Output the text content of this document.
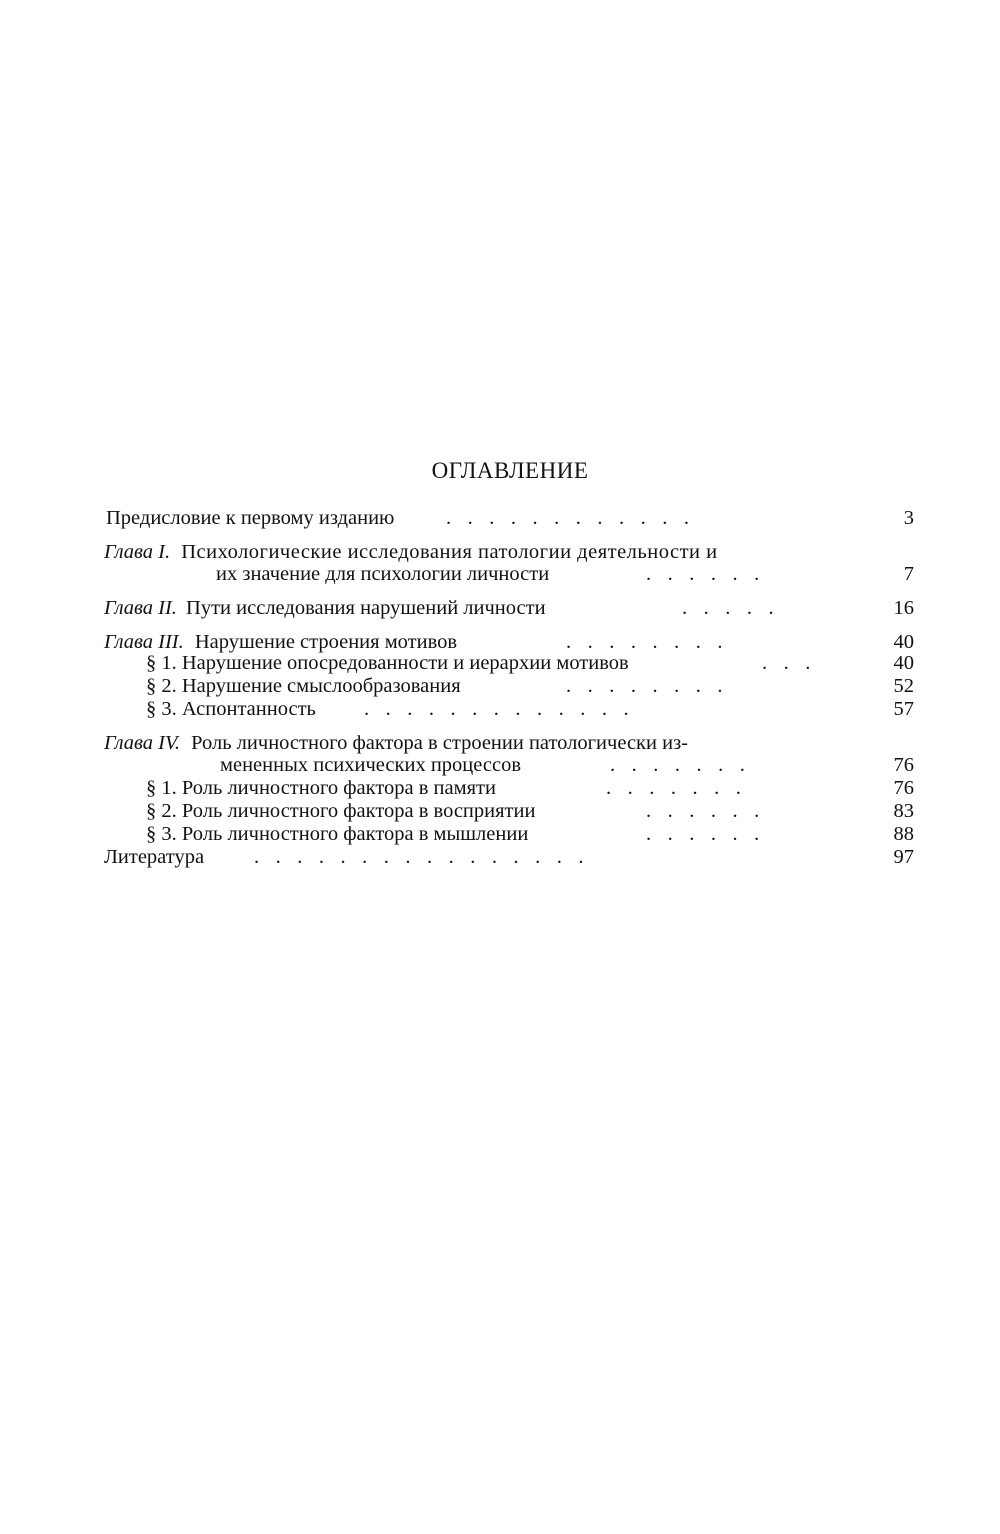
ОГЛАВЛЕНИЕ
Предисловие к первому изданию	............	3
Глава I. Психологические исследования патологии деятельности и
их значение для психологии личности	......	7
Глава II. Пути исследования нарушений личности	.....	16
Глава III. Нарушение строения мотивов	........	40
§ 1. Нарушение опосредованности и иерархии мотивов	...	40
§ 2. Нарушение смыслообразования	........	52
§ 3. Аспонтанность .............	57
Глава IV. Роль личностного фактора в строении патологически из-
мененных психических процессов	.......	76
§ 1. Роль личностного фактора в памяти	.......	76
§ 2. Роль личностного фактора в восприятии	......	83
§ 3. Роль личностного фактора в мышлении	......	88
Литература ................	97
